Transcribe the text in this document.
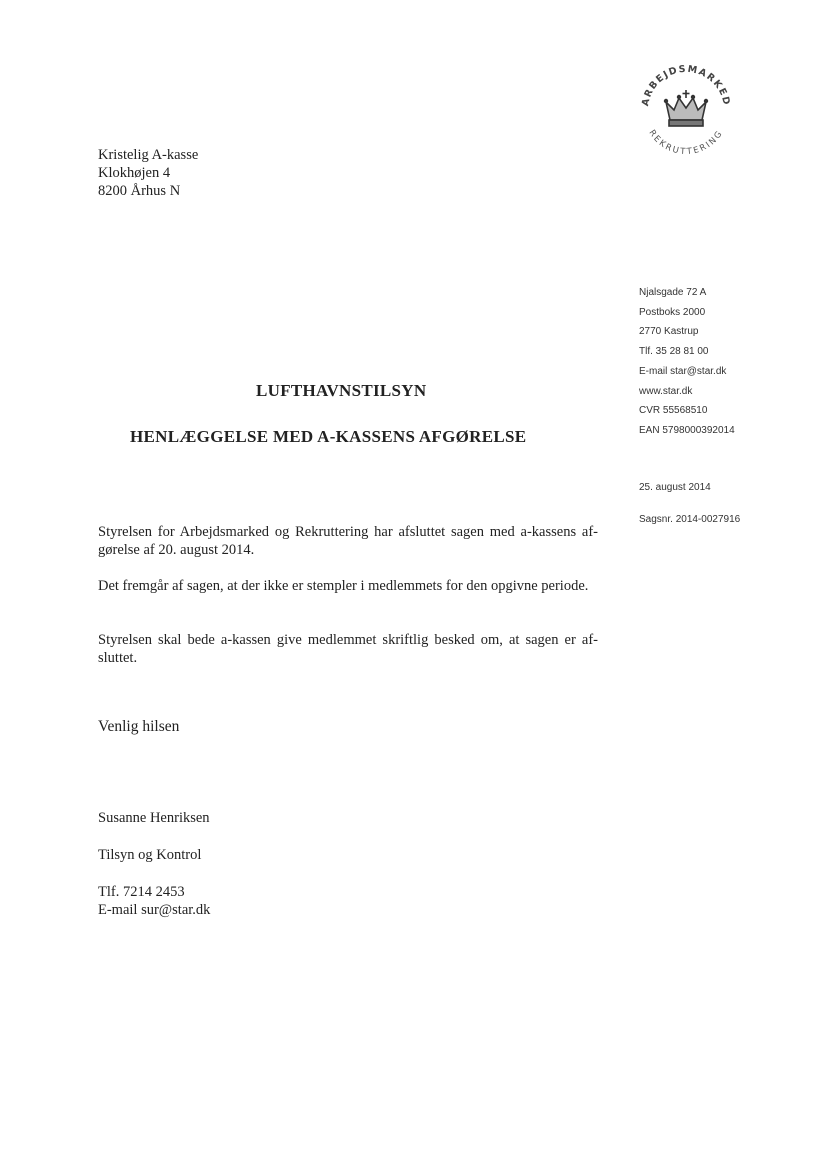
ARBEJDSMARKED
REKRUTTERING
Kristelig A-kasse
Klokhøjen 4
8200 Århus N
Njalsgade 72 A
Postboks 2000
2770 Kastrup
Tlf. 35 28 81 00
E-mail star@star.dk
www.star.dk
CVR 55568510
EAN 5798000392014
25. august 2014
Sagsnr. 2014-0027916
LUFTHAVNSTILSYN
HENLÆGGELSE MED A-KASSENS AFGØRELSE
Styrelsen for Arbejdsmarked og Rekruttering har afsluttet sagen med a-kassens afgørelse af 20. august 2014.
Det fremgår af sagen, at der ikke er stempler i medlemmets for den opgivne periode.
Styrelsen skal bede a-kassen give medlemmet skriftlig besked om, at sagen er afsluttet.
Venlig hilsen
Susanne Henriksen
Tilsyn og Kontrol
Tlf. 7214 2453
E-mail sur@star.dk
